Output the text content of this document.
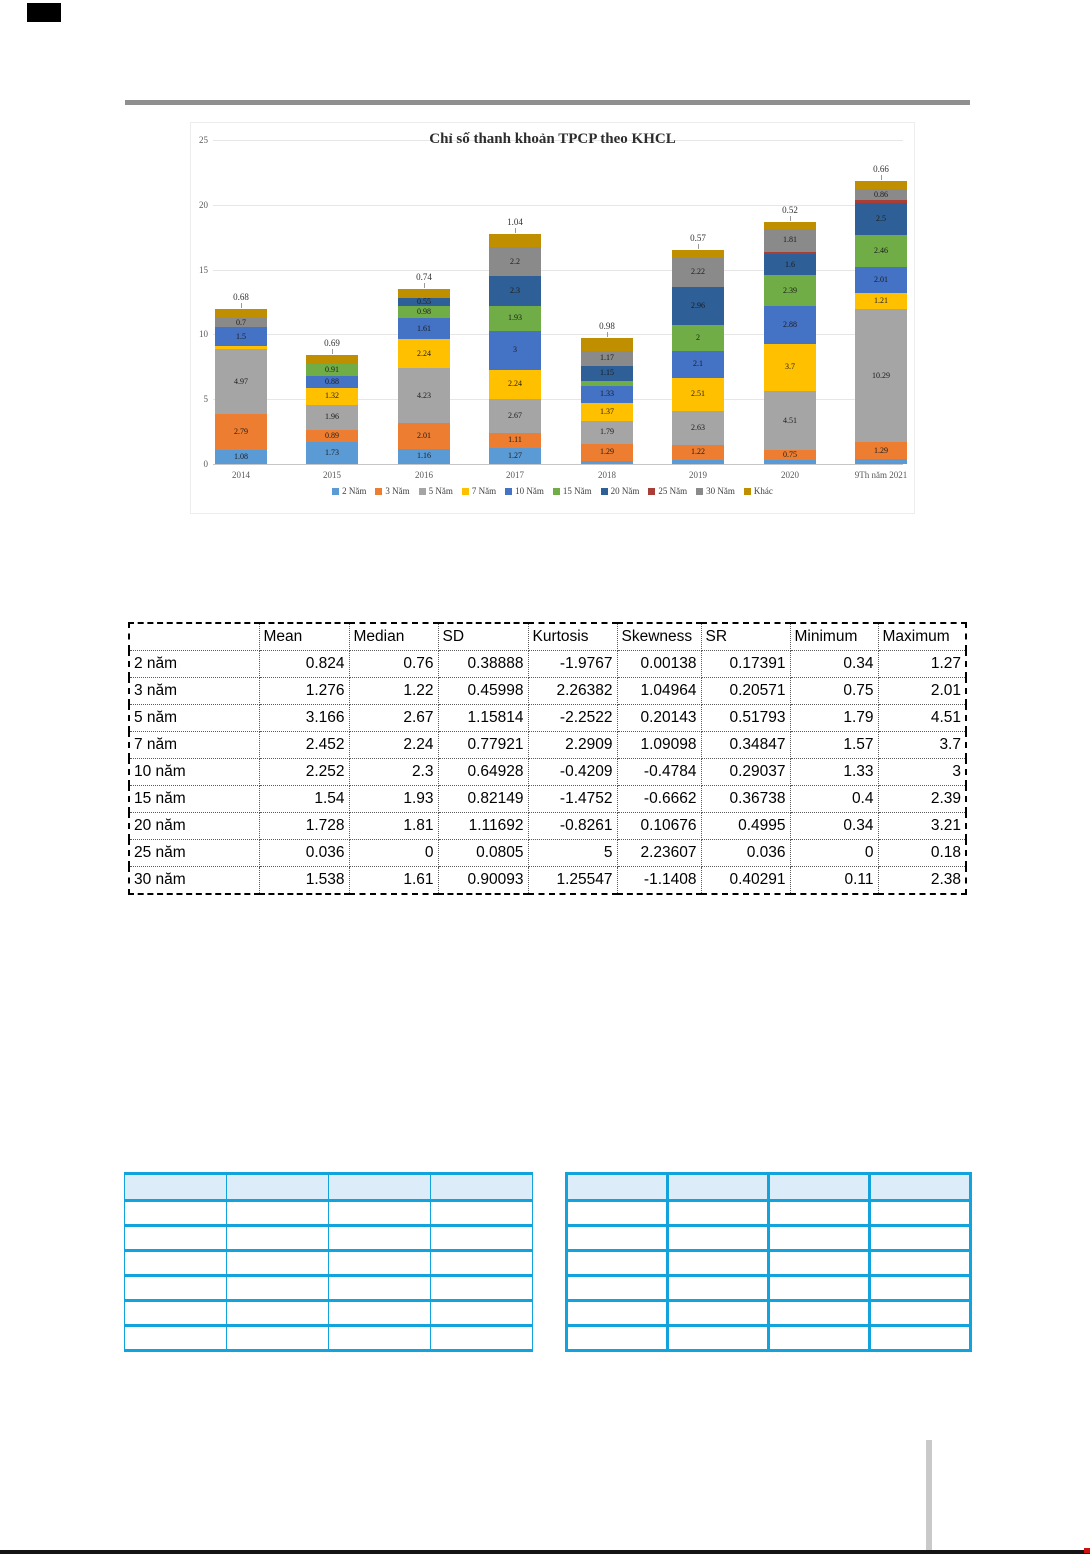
Chỉ số thanh khoản TPCP theo KHCL
2 Năm 3 Năm 5 Năm 7 Năm 10 Năm 15 Năm 20 Năm 25 Năm 30 Năm Khác
0
5
10
15
20
25
1.08
2.79
4.97
1.5
0.7
0.68
2014
1.73
0.89
1.96
1.32
0.88
0.91
0.69
2015
1.16
2.01
4.23
2.24
1.61
0.98
0.55
0.74
2016
1.27
1.11
2.67
2.24
3
1.93
2.3
2.2
1.04
2017
1.29
1.79
1.37
1.33
1.15
1.17
0.98
2018
1.22
2.63
2.51
2.1
2
2.96
2.22
0.57
2019
0.75
4.51
3.7
2.88
2.39
1.6
1.81
0.52
2020
1.29
10.29
1.21
2.01
2.46
2.5
0.86
0.66
9Th năm 2021
	Mean	Median	SD	Kurtosis	Skewness	SR	Minimum	Maximum
2 năm	0.824	0.76	0.38888	-1.9767	0.00138	0.17391	0.34	1.27
3 năm	1.276	1.22	0.45998	2.26382	1.04964	0.20571	0.75	2.01
5 năm	3.166	2.67	1.15814	-2.2522	0.20143	0.51793	1.79	4.51
7 năm	2.452	2.24	0.77921	2.2909	1.09098	0.34847	1.57	3.7
10 năm	2.252	2.3	0.64928	-0.4209	-0.4784	0.29037	1.33	3
15 năm	1.54	1.93	0.82149	-1.4752	-0.6662	0.36738	0.4	2.39
20 năm	1.728	1.81	1.11692	-0.8261	0.10676	0.4995	0.34	3.21
25 năm	0.036	0	0.0805	5	2.23607	0.036	0	0.18
30 năm	1.538	1.61	0.90093	1.25547	-1.1408	0.40291	0.11	2.38
